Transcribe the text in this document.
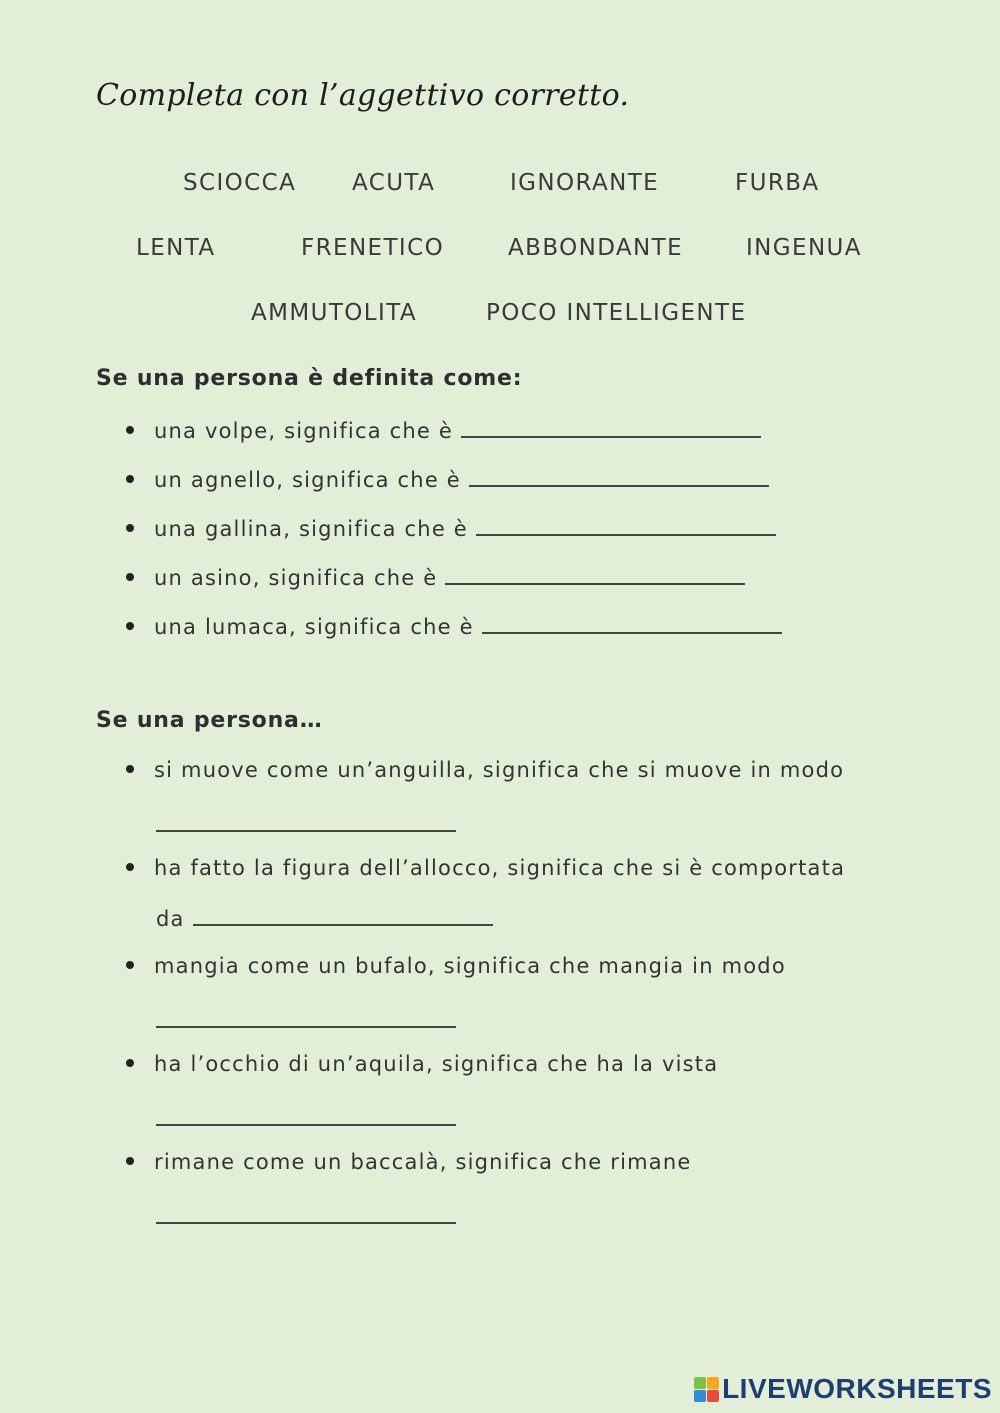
Completa con l’aggettivo corretto.
SCIOCCA ACUTA	IGNORANTE	FURBA
LENTA	FRENETICO	ABBONDANTE	INGENUA
AMMUTOLITA	POCO INTELLIGENTE
Se una persona è definita come:
una volpe, significa che è
un agnello, significa che è
una gallina, significa che è
un asino, significa che è
una lumaca, significa che è
Se una persona…
si muove come un’anguilla, significa che si muove in modo
ha fatto la figura dell’allocco, significa che si è comportata
da
mangia come un bufalo, significa che mangia in modo
ha l’occhio di un’aquila, significa che ha la vista
rimane come un baccalà, significa che rimane
LIVEWORKSHEETS
